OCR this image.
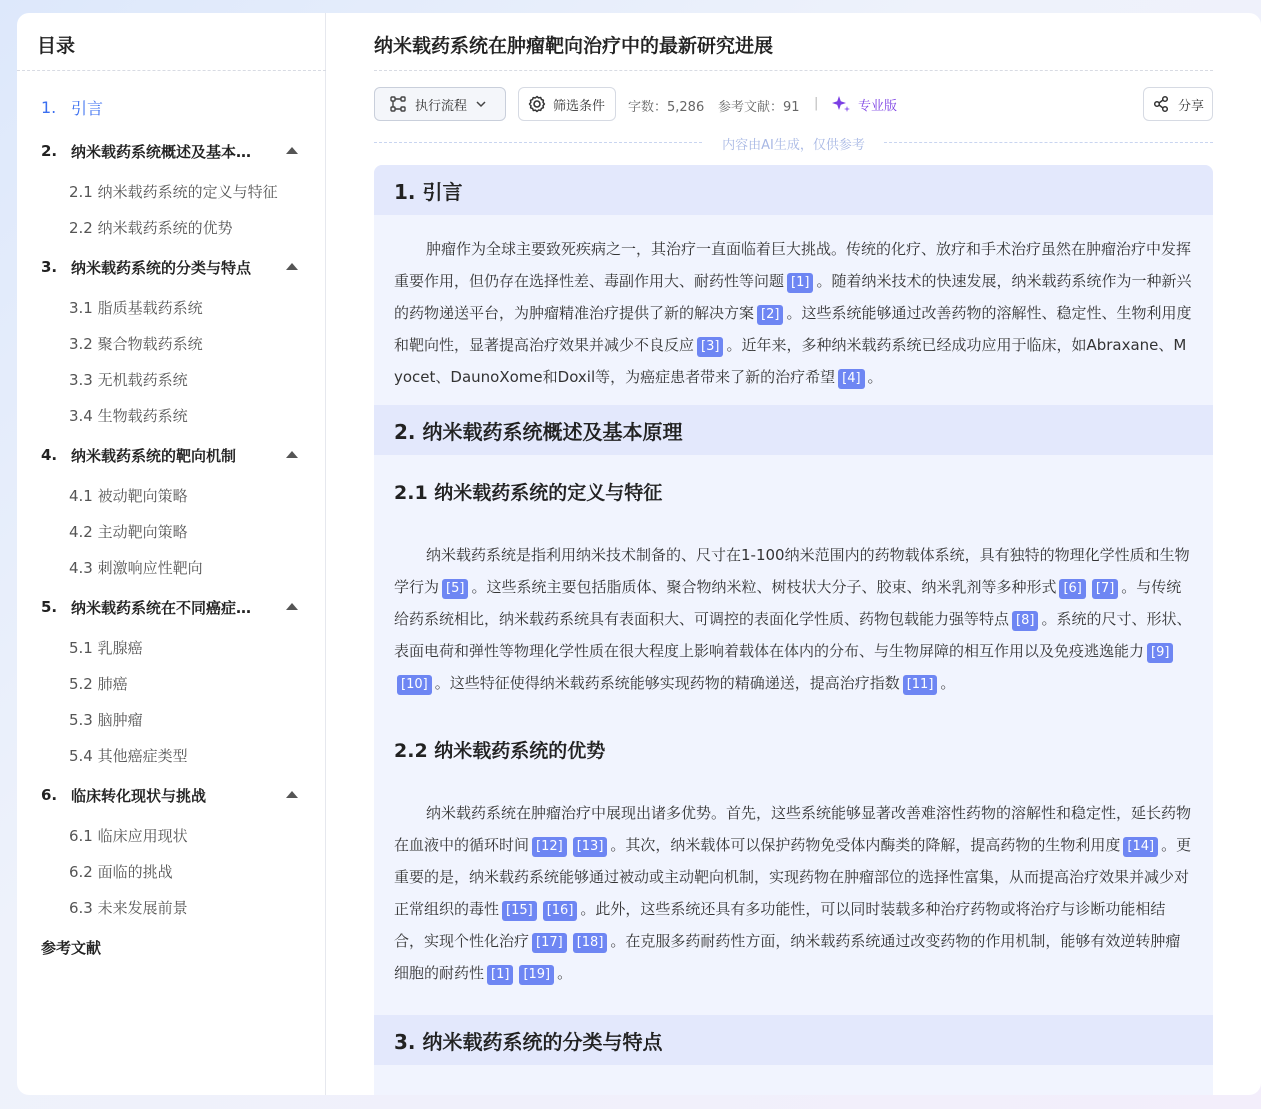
目录
1. 引言
2. 纳米载药系统概述及基本…
2.1 纳米载药系统的定义与特征
2.2 纳米载药系统的优势
3. 纳米载药系统的分类与特点
3.1 脂质基载药系统
3.2 聚合物载药系统
3.3 无机载药系统
3.4 生物载药系统
4. 纳米载药系统的靶向机制
4.1 被动靶向策略
4.2 主动靶向策略
4.3 刺激响应性靶向
5. 纳米载药系统在不同癌症…
5.1 乳腺癌
5.2 肺癌
5.3 脑肿瘤
5.4 其他癌症类型
6. 临床转化现状与挑战
6.1 临床应用现状
6.2 面临的挑战
6.3 未来发展前景
参考文献
纳米载药系统在肿瘤靶向治疗中的最新研究进展
执行流程	筛选条件 字数：5,286 参考文献：91 |	专业版	分享
内容由AI生成，仅供参考
1. 引言
肿瘤作为全球主要致死疾病之一，其治疗一直面临着巨大挑战。传统的化疗、放疗和手术治疗虽然在肿瘤治疗中发挥重要作用，但仍存在选择性差、毒副作用大、耐药性等问题 [1] 。随着纳米技术的快速发展，纳米载药系统作为一种新兴的药物递送平台，为肿瘤精准治疗提供了新的解决方案 [2] 。这些系统能够通过改善药物的溶解性、稳定性、生物利用度和靶向性，显著提高治疗效果并减少不良反应 [3] 。近年来，多种纳米载药系统已经成功应用于临床，如Abraxane、Myocet、DaunoXome和Doxil等，为癌症患者带来了新的治疗希望 [4] 。
2. 纳米载药系统概述及基本原理
2.1 纳米载药系统的定义与特征
纳米载药系统是指利用纳米技术制备的、尺寸在1-100纳米范围内的药物载体系统，具有独特的物理化学性质和生物学行为 [5] 。这些系统主要包括脂质体、聚合物纳米粒、树枝状大分子、胶束、纳米乳剂等多种形式 [6] [7] 。与传统给药系统相比，纳米载药系统具有表面积大、可调控的表面化学性质、药物包载能力强等特点 [8] 。系统的尺寸、形状、表面电荷和弹性等物理化学性质在很大程度上影响着载体在体内的分布、与生物屏障的相互作用以及免疫逃逸能力 [9][10] 。这些特征使得纳米载药系统能够实现药物的精确递送，提高治疗指数 [11] 。
2.2 纳米载药系统的优势
纳米载药系统在肿瘤治疗中展现出诸多优势。首先，这些系统能够显著改善难溶性药物的溶解性和稳定性，延长药物在血液中的循环时间 [12] [13] 。其次，纳米载体可以保护药物免受体内酶类的降解，提高药物的生物利用度 [14] 。更重要的是，纳米载药系统能够通过被动或主动靶向机制，实现药物在肿瘤部位的选择性富集，从而提高治疗效果并减少对正常组织的毒性 [15] [16] 。此外，这些系统还具有多功能性，可以同时装载多种治疗药物或将治疗与诊断功能相结合，实现个性化治疗 [17] [18] 。在克服多药耐药性方面，纳米载药系统通过改变药物的作用机制，能够有效逆转肿瘤细胞的耐药性 [1] [19] 。
3. 纳米载药系统的分类与特点
